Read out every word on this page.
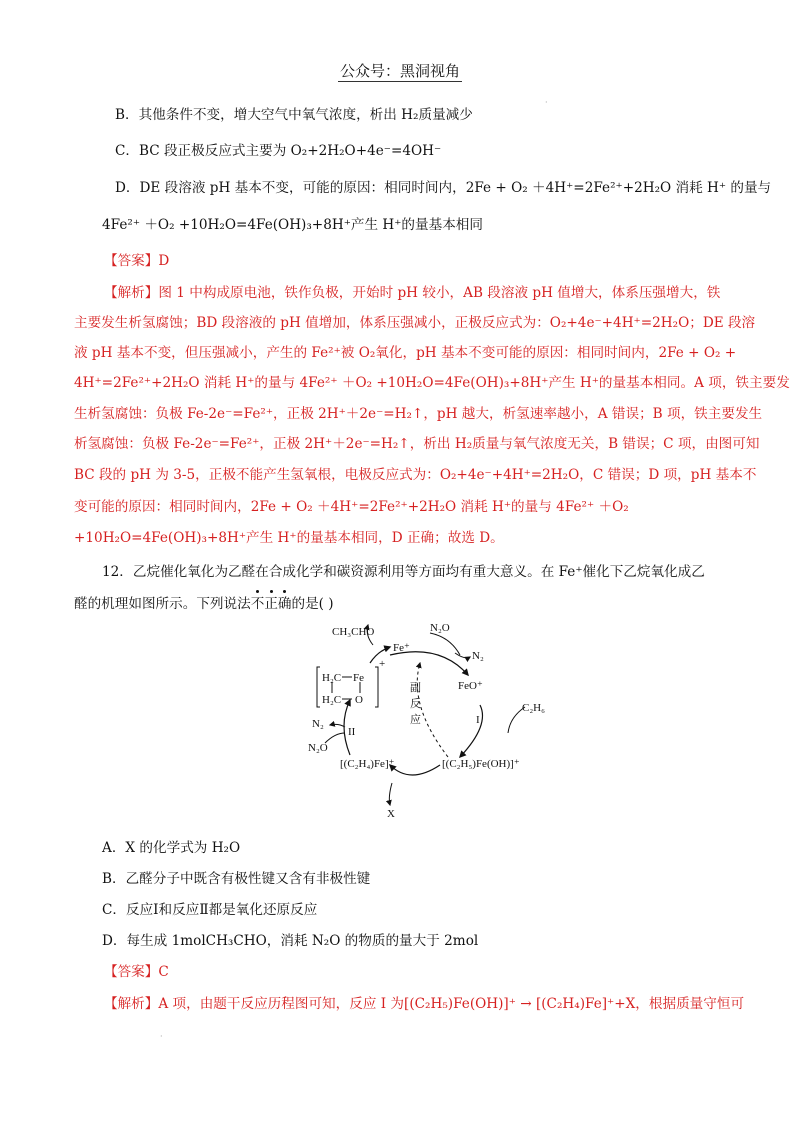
公众号：黑洞视角
·
B．其他条件不变，增大空气中氧气浓度，析出 H₂质量减少
C．BC 段正极反应式主要为 O₂+2H₂O+4e⁻=4OH⁻
D．DE 段溶液 pH 基本不变，可能的原因：相同时间内，2Fe + O₂ ＋4H⁺=2Fe²⁺+2H₂O 消耗 H⁺ 的量与
4Fe²⁺ ＋O₂ +10H₂O=4Fe(OH)₃+8H⁺产生 H⁺的量基本相同
【答案】D
【解析】图 1 中构成原电池，铁作负极，开始时 pH 较小，AB 段溶液 pH 值增大，体系压强增大，铁
主要发生析氢腐蚀；BD 段溶液的 pH 值增加，体系压强减小，正极反应式为：O₂+4e⁻+4H⁺=2H₂O；DE 段溶
液 pH 基本不变，但压强减小，产生的 Fe²⁺被 O₂氧化，pH 基本不变可能的原因：相同时间内，2Fe + O₂ +
4H⁺=2Fe²⁺+2H₂O 消耗 H⁺的量与 4Fe²⁺ ＋O₂ +10H₂O=4Fe(OH)₃+8H⁺产生 H⁺的量基本相同。A 项，铁主要发
生析氢腐蚀：负极 Fe-2e⁻=Fe²⁺，正极 2H⁺＋2e⁻=H₂↑，pH 越大，析氢速率越小，A 错误；B 项，铁主要发生
析氢腐蚀：负极 Fe-2e⁻=Fe²⁺，正极 2H⁺＋2e⁻=H₂↑，析出 H₂质量与氧气浓度无关，B 错误；C 项，由图可知
BC 段的 pH 为 3-5，正极不能产生氢氧根，电极反应式为：O₂+4e⁻+4H⁺=2H₂O，C 错误；D 项，pH 基本不
变可能的原因：相同时间内，2Fe + O₂ ＋4H⁺=2Fe²⁺+2H₂O 消耗 H⁺的量与 4Fe²⁺ ＋O₂
+10H₂O=4Fe(OH)₃+8H⁺产生 H⁺的量基本相同，D 正确；故选 D。
12．乙烷催化氧化为乙醛在合成化学和碳资源利用等方面均有重大意义。在 Fe⁺催化下乙烷氧化成乙
醛的机理如图所示。下列说法不正确的是( )
CH₃CHO
Fe⁺
N₂O
N₂
FeO⁺
副
反
应	I
C₂H₆
[(C₂H₅)Fe(OH)]⁺
[(C₂H₄)Fe]⁺
X
II
N₂
N₂O
H₂C Fe
H₂C O
+
A．X 的化学式为 H₂O
B．乙醛分子中既含有极性键又含有非极性键
C．反应Ⅰ和反应Ⅱ都是氧化还原反应
D．每生成 1molCH₃CHO，消耗 N₂O 的物质的量大于 2mol
【答案】C
【解析】A 项，由题干反应历程图可知，反应 I 为[(C₂H₅)Fe(OH)]⁺ → [(C₂H₄)Fe]⁺+X，根据质量守恒可
·
